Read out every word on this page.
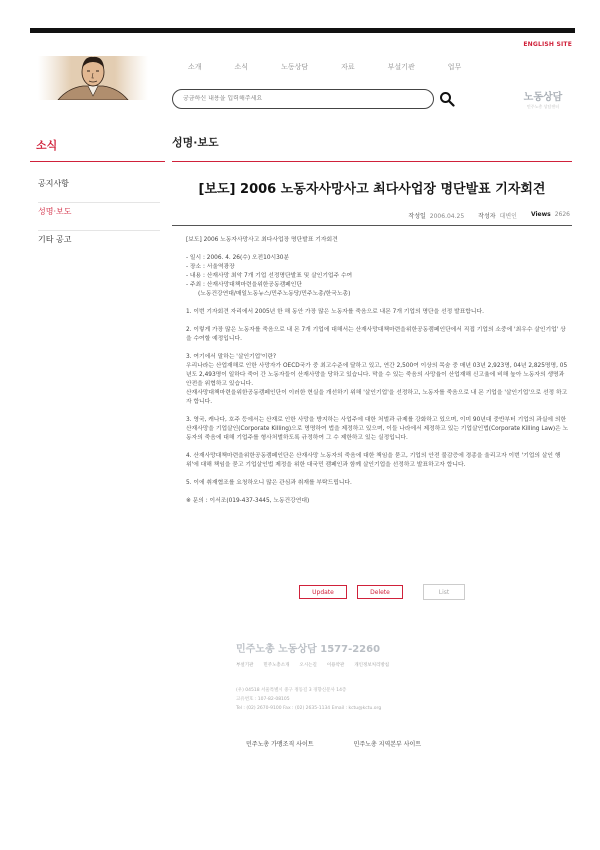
ENGLISH SITE
소개	소식	노동상담	자료	부설기관	업무
궁금하신 내용을 입력해주세요
노동상담
민주노총 상담센터
소식
공지사항
성명·보도
기타 공고
성명·보도
[보도] 2006 노동자사망사고 최다사업장 명단발표 기자회견
작성일 2006.04.25 작성자 대변인 Views 2626

[보도] 2006 노동자사망사고 최다사업장 명단발표 기자회견

- 일시 : 2006. 4. 26(수) 오전10시30분

- 장소 : 서울역광장

- 내용 : 산재사망 최악 7개 기업 선정명단발표 및 살인기업주 수여

- 주최 : 산재사망대책마련을위한공동캠페인단

(노동건강연대/매일노동뉴스/민주노동당/민주노총/한국노총)

1. 이번 기자회견 자리에서 2005년 한 해 동안 가장 많은 노동자를 죽음으로 내몬 7개 기업의 명단을 선정 발표합니다.

2. 이렇게 가장 많은 노동자를 죽음으로 내 몬 7개 기업에 대해서는 산재사망대책마련을위한공동캠페인단에서 직접 기업의 소중에 '최우수 살인기업' 상을 수여할 예정입니다.

3. 여기에서 말하는 '살인기업'이란?

우리나라는 산업재해로 인한 사망자가 OECD국가 중 최고수준에 달하고 있고, 연간 2,500여 이상의 목숨 중 매년 03년 2,923명, 04년 2,825명명, 05년도 2,493명이 일하다 죽어 간 노동자들이 산재사망을 당하고 있습니다. 막을 수 있는 죽음의 사망율이 산업재해 신고율에 비해 높아 노동자의 생명과 안전을 위협하고 있습니다.

산재사망대책마련을위한공동캠페인단이 이러한 현실을 개선하기 위해 '살인기업'을 선정하고, 노동자를 죽음으로 내 몬 기업을 '살인기업'으로 선정 하고자 합니다.

3. 영국, 캐나다, 호주 등에서는 산재로 인한 사망을 방지하는 사업주에 대한 처벌과 규제를 강화하고 있으며, 이미 90년대 중반부터 기업의 과실에 의한 산재사망을 기업살인(Corporate Killing)으로 명명하여 법을 제정하고 있으며, 이들 나라에서 제정하고 있는 기업살인법(Corporate Killing Law)은 노동자의 죽음에 대해 기업주를 형사처벌하도록 규정하여 그 수 제한하고 있는 실정입니다.

4. 산재사망대책마련을위한공동캠페인단은 산재사망 노동자의 죽음에 대한 책임을 묻고, 기업의 안전 불감증에 경종을 울리고자 이번 '기업의 살인 행위'에 대해 책임을 묻고 기업살인법 제정을 위한 대국민 캠페인과 함께 살인기업을 선정하고 발표하고자 합니다.

5. 이에 취재협조를 요청하오니 많은 관심과 취재를 부탁드립니다.

※ 문의 : 이서조(019-437-3445, 노동건강연대)

Update	Delete	List
민주노총 노동상담 1577-2260
부설기관 민주노총소개 오시는길 이용약관 개인정보처리방침
(우) 04518 서울특별시 중구 정동길 3 경향신문사 14층
고유번호 : 107-82-08105
Tel : (02) 2670-9100 Fax : (02) 2635-1134 Email : kctu@kctu.org
민주노총 가맹조직 사이트	민주노총 지역본부 사이트
